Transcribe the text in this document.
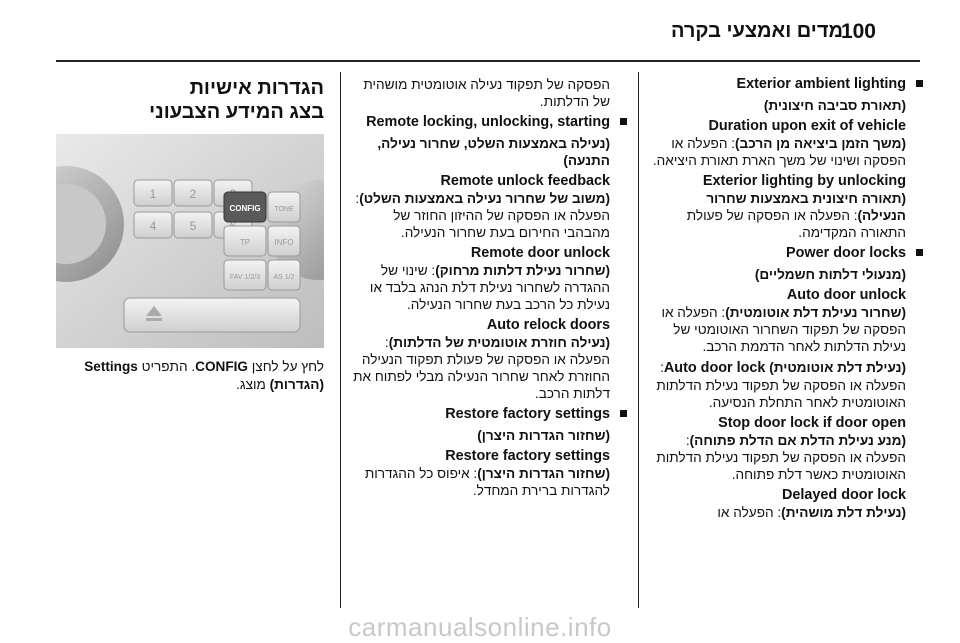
מדים ואמצעי בקרה
100

Exterior ambient lighting

(תאורת סביבה חיצונית)

Duration upon exit of vehicle
(משך הזמן ביציאה מן הרכב): הפעלה או הפסקה ושינוי של משך הארת תאורת היציאה.

Exterior lighting by unlocking
(תאורה חיצונית באמצעות שחרור הנעילה): הפעלה או הפסקה של פעולת התאורה המקדימה.

Power door locks

(מנעולי דלתות חשמליים)

Auto door unlock
(שחרור נעילת דלת אוטומטית): הפעלה או הפסקה של תפקוד השחרור האוטומטי של נעילת הדלתות לאחר הדממת הרכב.

(נעילת דלת אוטומטית) Auto door lock: הפעלה או הפסקה של תפקוד נעילת הדלתות האוטומטית לאחר התחלת הנסיעה.

Stop door lock if door open
(מנע נעילת הדלת אם הדלת פתוחה): הפעלה או הפסקה של תפקוד נעילת הדלתות האוטומטית כאשר דלת פתוחה.

Delayed door lock
(נעילת דלת מושהית): הפעלה או

הפסקה של תפקוד נעילה אוטומטית מושהית של הדלתות.

Remote locking, unlocking, starting

(נעילה באמצעות השלט, שחרור נעילה, התנעה)

Remote unlock feedback
(משוב של שחרור נעילה באמצעות השלט): הפעלה או הפסקה של ההיזון החוזר של מהבהבי החירום בעת שחרור הנעילה.

Remote door unlock
(שחרור נעילת דלתות מרחוק): שינוי של ההגדרה לשחרור נעילת דלת הנהג בלבד או נעילת כל הרכב בעת שחרור הנעילה.

Auto relock doors
(נעילה חוזרת אוטומטית של הדלתות): הפעלה או הפסקה של פעולת תפקוד הנעילה החוזרת לאחר שחרור הנעילה מבלי לפתוח את דלתות הרכב.

Restore factory settings

(שחזור הגדרות היצרן)

Restore factory settings
(שחזור הגדרות היצרן): איפוס כל ההגדרות להגדרות ברירת המחדל.

הגדרות אישיות
בצג המידע הצבעוני
1	2
4	5
CONFIG TONE
TP	INFO
FAV 1/2/3 AS 1/2
לחץ על לחצן CONFIG. התפריט Settings (הגדרות) מוצג.
carmanualsonline.info
